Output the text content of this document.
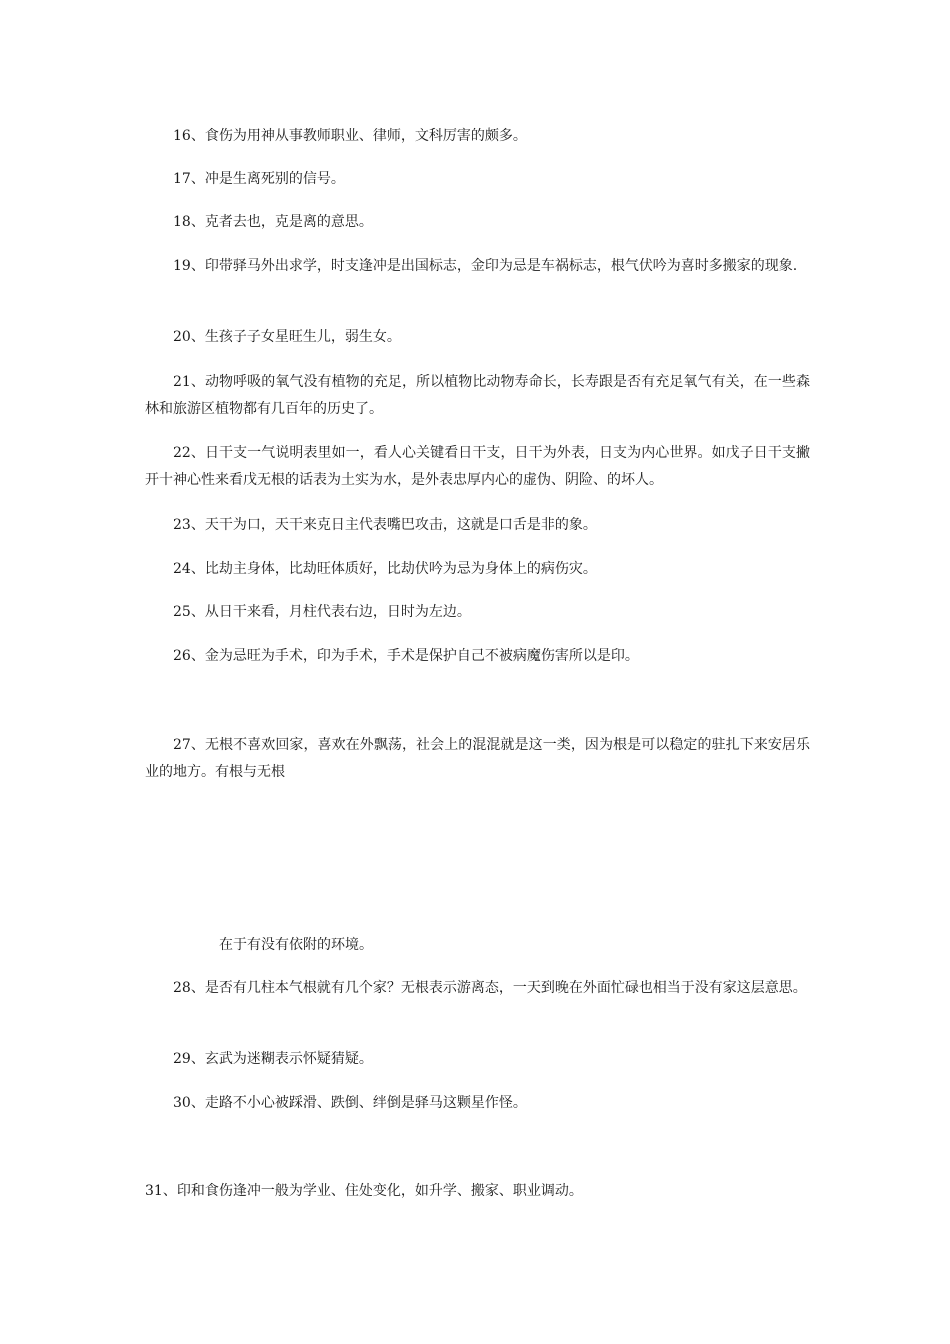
16、食伤为用神从事教师职业、律师，文科厉害的颇多。

17、冲是生离死别的信号。

18、克者去也，克是离的意思。

19、印带驿马外出求学，时支逢冲是出国标志，金印为忌是车祸标志，根气伏吟为喜时多搬家的现象.

20、生孩子子女星旺生儿，弱生女。

21、动物呼吸的氧气没有植物的充足，所以植物比动物寿命长，长寿跟是否有充足氧气有关，在一些森林和旅游区植物都有几百年的历史了。

22、日干支一气说明表里如一，看人心关键看日干支，日干为外表，日支为内心世界。如戊子日干支撇开十神心性来看戊无根的话表为土实为水，是外表忠厚内心的虚伪、阴险、的坏人。

23、天干为口，天干来克日主代表嘴巴攻击，这就是口舌是非的象。

24、比劫主身体，比劫旺体质好，比劫伏吟为忌为身体上的病伤灾。

25、从日干来看，月柱代表右边，日时为左边。

26、金为忌旺为手术，印为手术，手术是保护自己不被病魔伤害所以是印。

27、无根不喜欢回家，喜欢在外飘荡，社会上的混混就是这一类，因为根是可以稳定的驻扎下来安居乐业的地方。有根与无根

在于有没有依附的环境。

28、是否有几柱本气根就有几个家？无根表示游离态，一天到晚在外面忙碌也相当于没有家这层意思。

29、玄武为迷糊表示怀疑猜疑。

30、走路不小心被踩滑、跌倒、绊倒是驿马这颗星作怪。

31、印和食伤逢冲一般为学业、住处变化，如升学、搬家、职业调动。
